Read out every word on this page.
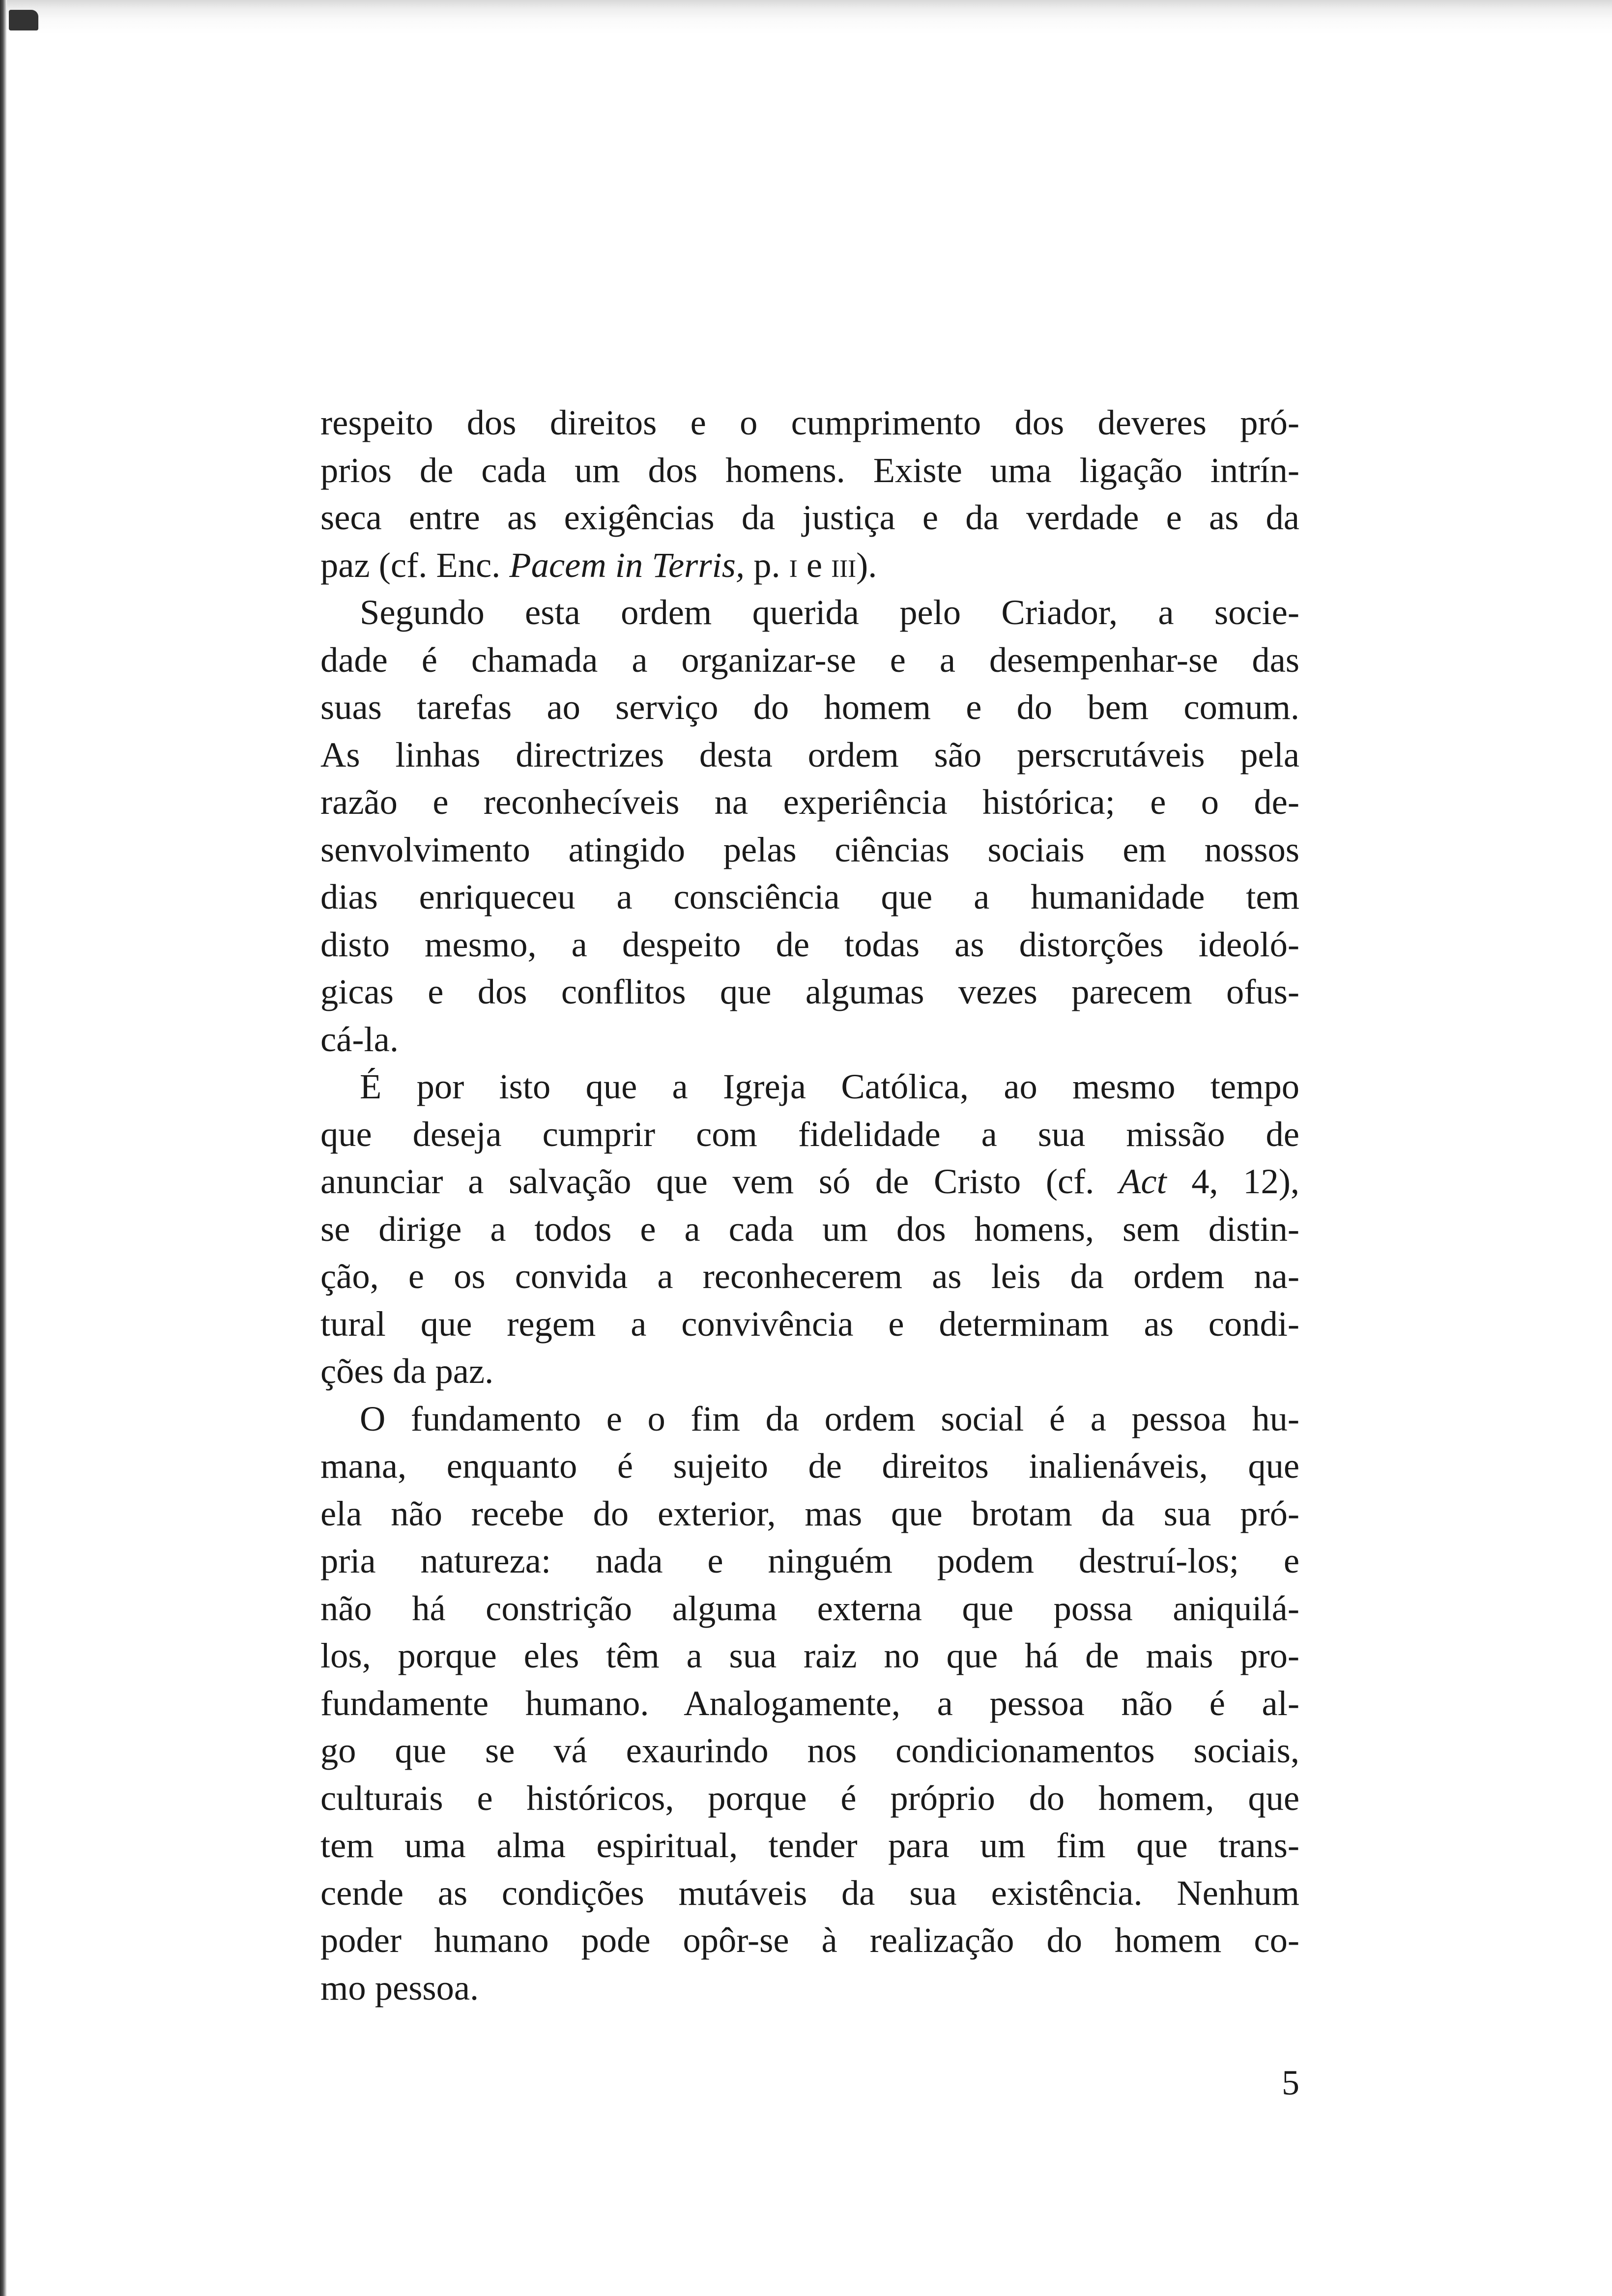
respeito dos direitos e o cumprimento dos deveres pró-
prios de cada um dos homens. Existe uma ligação intrín-
seca entre as exigências da justiça e da verdade e as da
paz (cf. Enc. Pacem in Terris, p. i e iii).
Segundo esta ordem querida pelo Criador, a socie-
dade é chamada a organizar-se e a desempenhar-se das
suas tarefas ao serviço do homem e do bem comum.
As linhas directrizes desta ordem são perscrutáveis pela
razão e reconhecíveis na experiência histórica; e o de-
senvolvimento atingido pelas ciências sociais em nossos
dias enriqueceu a consciência que a humanidade tem
disto mesmo, a despeito de todas as distorções ideoló-
gicas e dos conflitos que algumas vezes parecem ofus-
cá-la.
É por isto que a Igreja Católica, ao mesmo tempo
que deseja cumprir com fidelidade a sua missão de
anunciar a salvação que vem só de Cristo (cf. Act 4, 12),
se dirige a todos e a cada um dos homens, sem distin-
ção, e os convida a reconhecerem as leis da ordem na-
tural que regem a convivência e determinam as condi-
ções da paz.
O fundamento e o fim da ordem social é a pessoa hu-
mana, enquanto é sujeito de direitos inalienáveis, que
ela não recebe do exterior, mas que brotam da sua pró-
pria natureza: nada e ninguém podem destruí-los; e
não há constrição alguma externa que possa aniquilá-
los, porque eles têm a sua raiz no que há de mais pro-
fundamente humano. Analogamente, a pessoa não é al-
go que se vá exaurindo nos condicionamentos sociais,
culturais e históricos, porque é próprio do homem, que
tem uma alma espiritual, tender para um fim que trans-
cende as condições mutáveis da sua existência. Nenhum
poder humano pode opôr-se à realização do homem co-
mo pessoa.
5
